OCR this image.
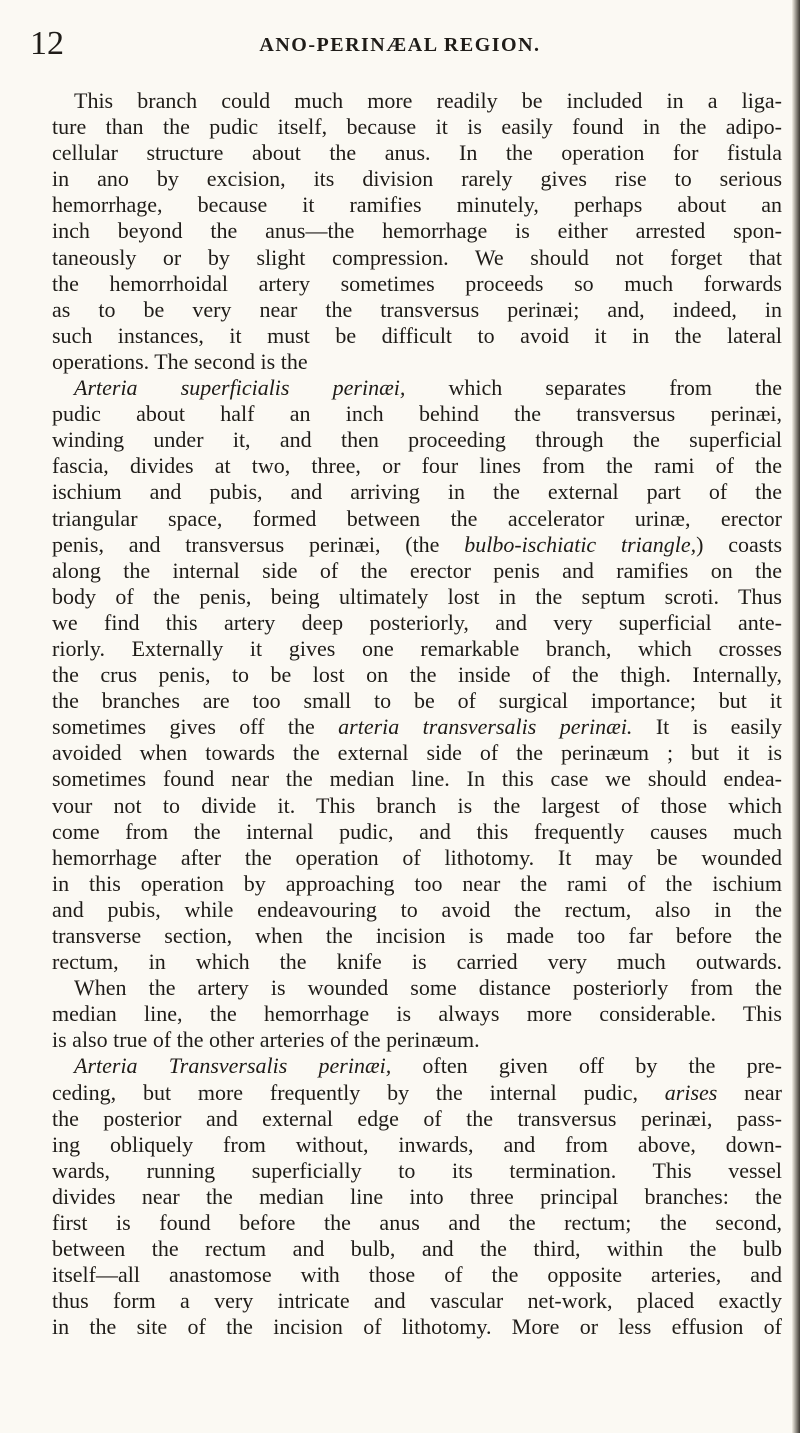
12	ANO-PERINÆAL REGION.
This branch could much more readily be included in a liga-
ture than the pudic itself, because it is easily found in the adipo-
cellular structure about the anus. In the operation for fistula
in ano by excision, its division rarely gives rise to serious
hemorrhage, because it ramifies minutely, perhaps about an
inch beyond the anus—the hemorrhage is either arrested spon-
taneously or by slight compression. We should not forget that
the hemorrhoidal artery sometimes proceeds so much forwards
as to be very near the transversus perinæi; and, indeed, in
such instances, it must be difficult to avoid it in the lateral
operations. The second is the
Arteria superficialis perinæi, which separates from the
pudic about half an inch behind the transversus perinæi,
winding under it, and then proceeding through the superficial
fascia, divides at two, three, or four lines from the rami of the
ischium and pubis, and arriving in the external part of the
triangular space, formed between the accelerator urinæ, erector
penis, and transversus perinæi, (the bulbo-ischiatic triangle,) coasts
along the internal side of the erector penis and ramifies on the
body of the penis, being ultimately lost in the septum scroti. Thus
we find this artery deep posteriorly, and very superficial ante-
riorly. Externally it gives one remarkable branch, which crosses
the crus penis, to be lost on the inside of the thigh. Internally,
the branches are too small to be of surgical importance; but it
sometimes gives off the arteria transversalis perinæi. It is easily
avoided when towards the external side of the perinæum ; but it is
sometimes found near the median line. In this case we should endea-
vour not to divide it. This branch is the largest of those which
come from the internal pudic, and this frequently causes much
hemorrhage after the operation of lithotomy. It may be wounded
in this operation by approaching too near the rami of the ischium
and pubis, while endeavouring to avoid the rectum, also in the
transverse section, when the incision is made too far before the
rectum, in which the knife is carried very much outwards.
When the artery is wounded some distance posteriorly from the
median line, the hemorrhage is always more considerable. This
is also true of the other arteries of the perinæum.
Arteria Transversalis perinæi, often given off by the pre-
ceding, but more frequently by the internal pudic, arises near
the posterior and external edge of the transversus perinæi, pass-
ing obliquely from without, inwards, and from above, down-
wards, running superficially to its termination. This vessel
divides near the median line into three principal branches: the
first is found before the anus and the rectum; the second,
between the rectum and bulb, and the third, within the bulb
itself—all anastomose with those of the opposite arteries, and
thus form a very intricate and vascular net-work, placed exactly
in the site of the incision of lithotomy. More or less effusion of
